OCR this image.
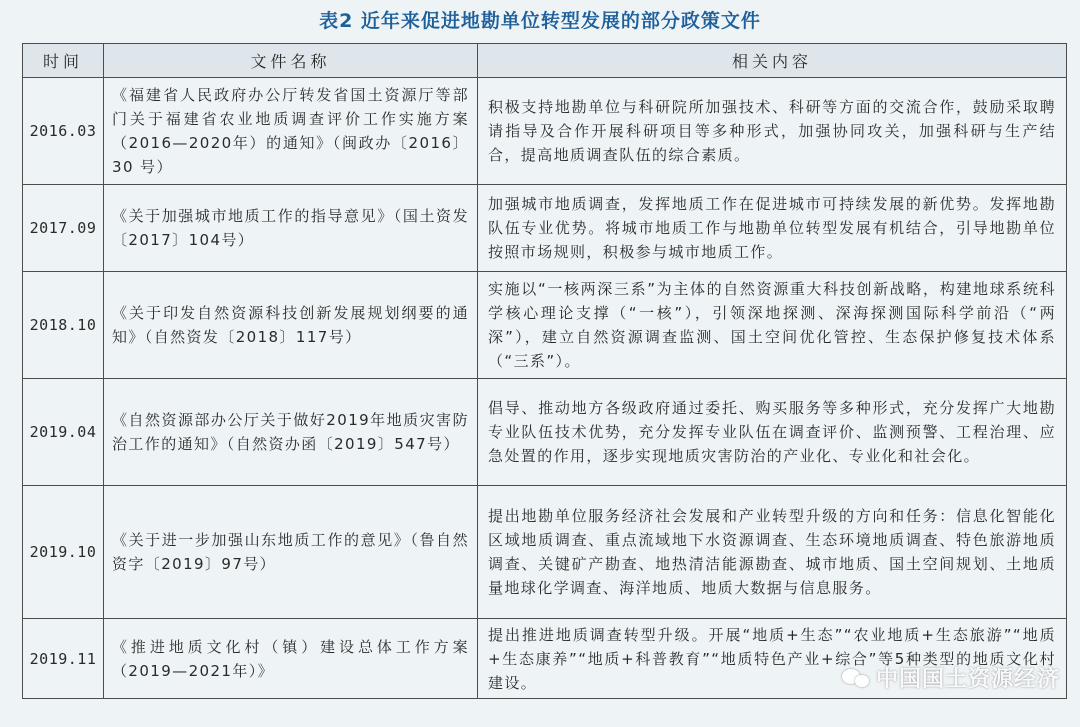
表2 近年来促进地勘单位转型发展的部分政策文件
时间	文件名称	相关内容
2016.03	《福建省人民政府办公厅转发省国土资源厅等部门关于福建省农业地质调查评价工作实施方案（2016—2020年）的通知》（闽政办〔2016〕30 号）	积极支持地勘单位与科研院所加强技术、科研等方面的交流合作，鼓励采取聘请指导及合作开展科研项目等多种形式，加强协同攻关，加强科研与生产结合，提高地质调查队伍的综合素质。
2017.09	《关于加强城市地质工作的指导意见》（国土资发〔2017〕104号）	加强城市地质调查，发挥地质工作在促进城市可持续发展的新优势。发挥地勘队伍专业优势。将城市地质工作与地勘单位转型发展有机结合，引导地勘单位按照市场规则，积极参与城市地质工作。
2018.10	《关于印发自然资源科技创新发展规划纲要的通知》（自然资发〔2018〕117号）	实施以“一核两深三系”为主体的自然资源重大科技创新战略，构建地球系统科学核心理论支撑（“一核”），引领深地探测、深海探测国际科学前沿（“两深”），建立自然资源调查监测、国土空间优化管控、生态保护修复技术体系（“三系”）。
2019.04	《自然资源部办公厅关于做好2019年地质灾害防治工作的通知》（自然资办函〔2019〕547号）	倡导、推动地方各级政府通过委托、购买服务等多种形式，充分发挥广大地勘专业队伍技术优势，充分发挥专业队伍在调查评价、监测预警、工程治理、应急处置的作用，逐步实现地质灾害防治的产业化、专业化和社会化。
2019.10	《关于进一步加强山东地质工作的意见》（鲁自然资字〔2019〕97号）	提出地勘单位服务经济社会发展和产业转型升级的方向和任务：信息化智能化区域地质调查、重点流域地下水资源调查、生态环境地质调查、特色旅游地质调查、关键矿产勘查、地热清洁能源勘查、城市地质、国土空间规划、土地质量地球化学调查、海洋地质、地质大数据与信息服务。
2019.11	《推进地质文化村（镇）建设总体工作方案（2019—2021年）》	提出推进地质调查转型升级。开展“地质+生态”“农业地质+生态旅游”“地质+生态康养”“地质+科普教育”“地质特色产业+综合”等5种类型的地质文化村建设。	中国国土资源经济
